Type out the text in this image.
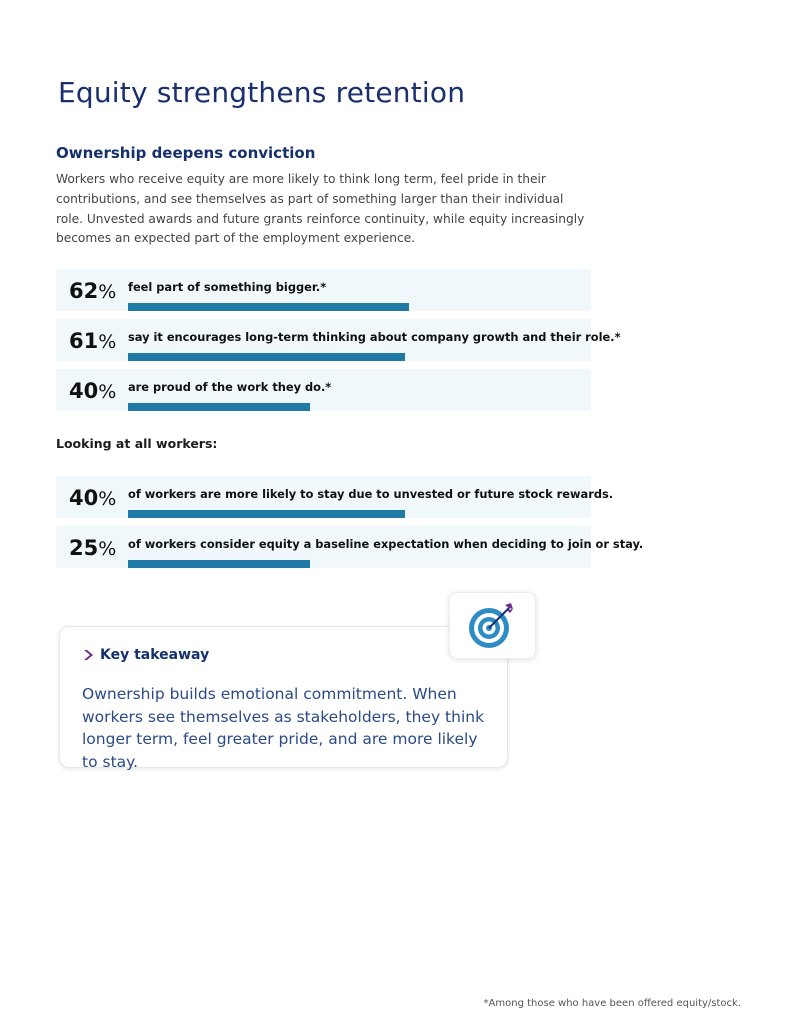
Equity strengthens retention
Ownership deepens conviction

Workers who receive equity are more likely to think long term, feel pride in their contributions, and see themselves as part of something larger than their individual role. Unvested awards and future grants reinforce continuity, while equity increasingly becomes an expected part of the employment experience.

62% feel part of something bigger.*
61% say it encourages long-term thinking about company growth and their role.*
40% are proud of the work they do.*
Looking at all workers:
40% of workers are more likely to stay due to unvested or future stock rewards.
25% of workers consider equity a baseline expectation when deciding to join or stay.
Key takeaway

Ownership builds emotional commitment. When workers see themselves as stakeholders, they think longer term, feel greater pride, and are more likely to stay.

*Among those who have been offered equity/stock.
